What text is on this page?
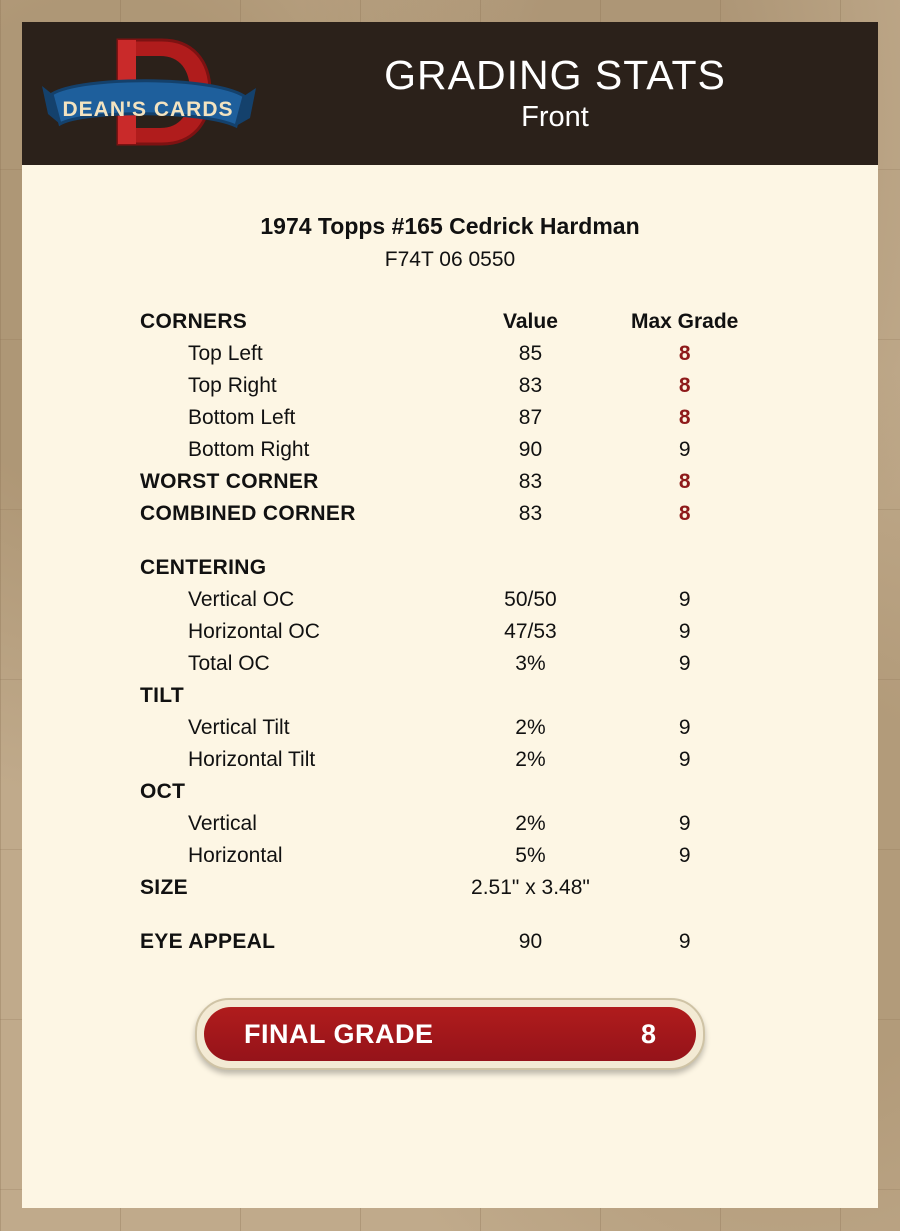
DEAN'S CARDS
GRADING STATS
Front
1974 Topps #165 Cedrick Hardman
F74T 06 0550
CORNERS	Value	Max Grade
Top Left	85	8
Top Right	83	8
Bottom Left	87	8
Bottom Right	90	9
WORST CORNER	83	8
COMBINED CORNER	83	8

CENTERING		
Vertical OC	50/50	9
Horizontal OC	47/53	9
Total OC	3%	9
TILT		
Vertical Tilt	2%	9
Horizontal Tilt	2%	9
OCT		
Vertical	2%	9
Horizontal	5%	9
SIZE	2.51" x 3.48"	

EYE APPEAL	90	9
FINAL GRADE	8
